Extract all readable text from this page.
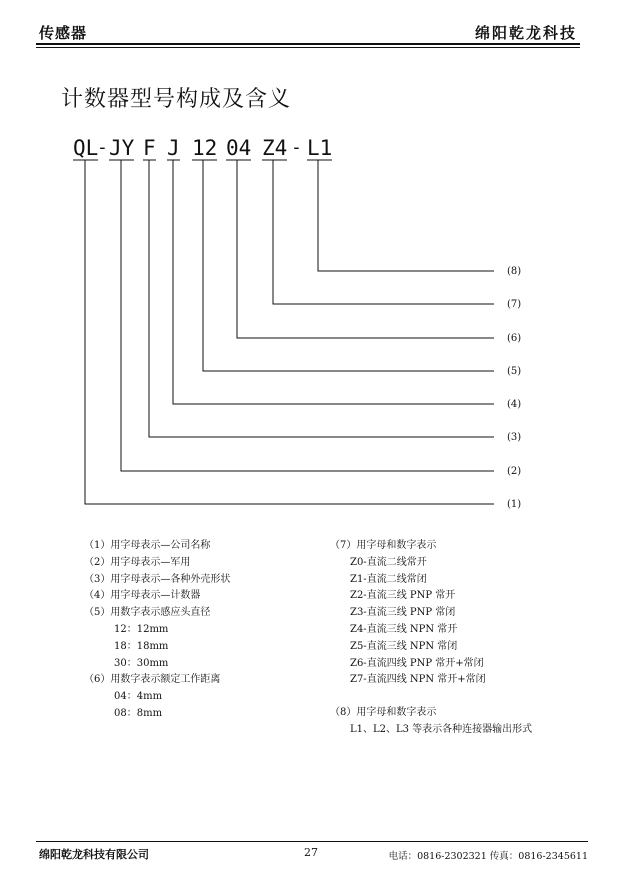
传感器	绵阳乾龙科技
计数器型号构成及含义
QL
- JY F J 12 04 Z4 - L1
(8)
(7)
(6)
(5)
(4)
(3)
(2)
(1)
（1）用字母表示—公司名称
（2）用字母表示—军用
（3）用字母表示—各种外壳形状
（4）用字母表示—计数器
（5）用数字表示感应头直径
12：12mm
18：18mm
30：30mm
（6）用数字表示额定工作距离
04：4mm
08：8mm
（7）用字母和数字表示
Z0-直流二线常开
Z1-直流二线常闭
Z2-直流三线 PNP 常开
Z3-直流三线 PNP 常闭
Z4-直流三线 NPN 常开
Z5-直流三线 NPN 常闭
Z6-直流四线 PNP 常开+常闭
Z7-直流四线 NPN 常开+常闭
（8）用字母和数字表示
L1、L2、L3 等表示各种连接器输出形式
绵阳乾龙科技有限公司	27	电话：0816-2302321 传真：0816-2345611
